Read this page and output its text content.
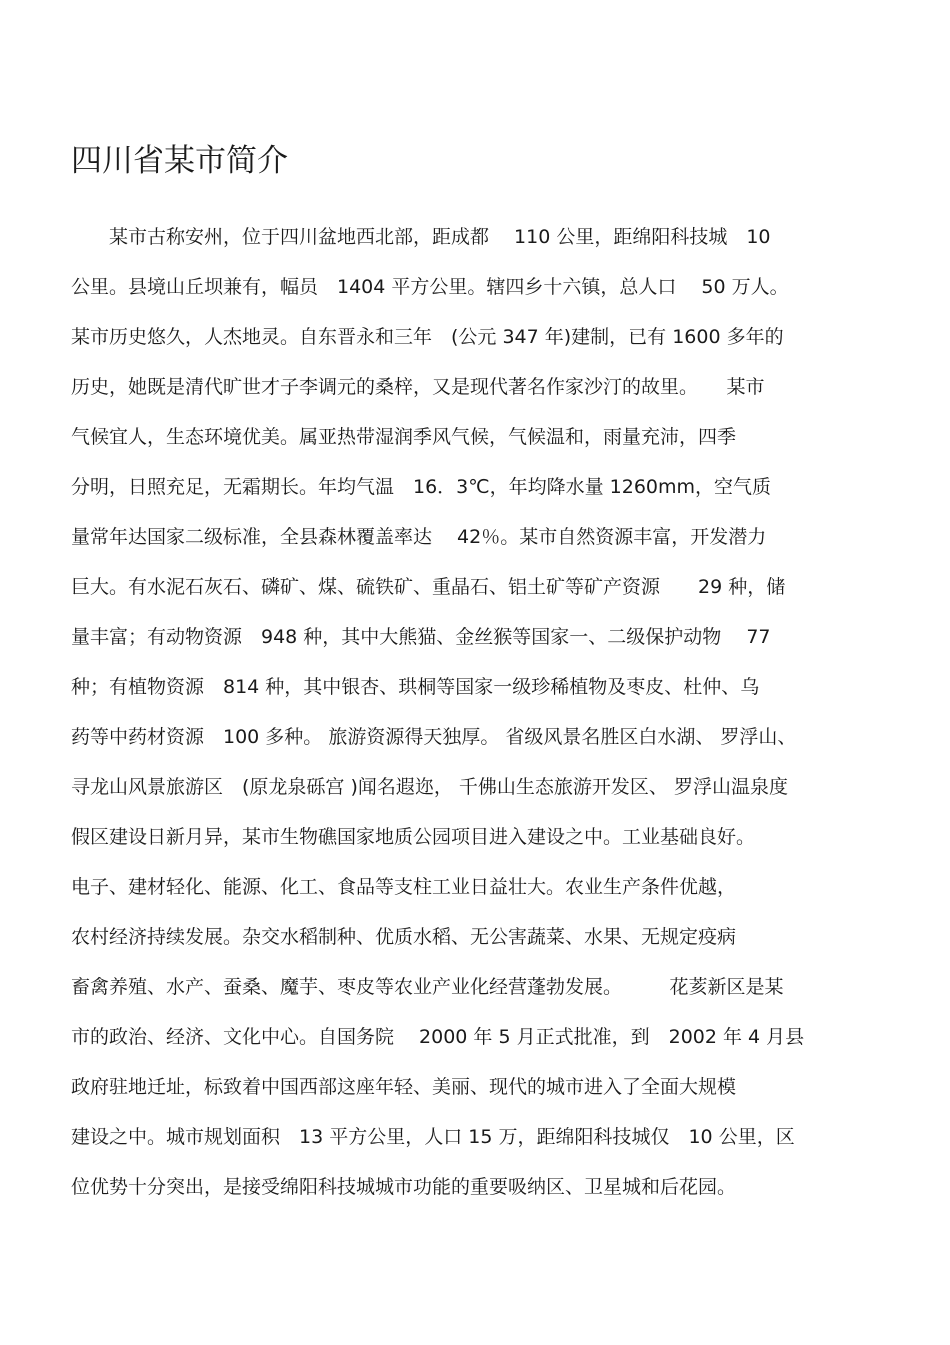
四川省某市简介
　　某市古称安州，位于四川盆地西北部，距成都　 110 公里，距绵阳科技城　10
公里。县境山丘坝兼有，幅员　1404 平方公里。辖四乡十六镇，总人口　 50 万人。
某市历史悠久，人杰地灵。自东晋永和三年　(公元 347 年)建制，已有 1600 多年的
历史，她既是清代旷世才子李调元的桑梓，又是现代著名作家沙汀的故里。　　某市
气候宜人，生态环境优美。属亚热带湿润季风气候，气候温和，雨量充沛，四季
分明，日照充足，无霜期长。年均气温　16．3℃，年均降水量 1260mm，空气质
量常年达国家二级标准，全县森林覆盖率达　 42％。某市自然资源丰富，开发潜力
巨大。有水泥石灰石、磷矿、煤、硫铁矿、重晶石、铝土矿等矿产资源　　29 种，储
量丰富；有动物资源　948 种，其中大熊猫、金丝猴等国家一、二级保护动物　 77
种；有植物资源　814 种，其中银杏、珙桐等国家一级珍稀植物及枣皮、杜仲、乌
药等中药材资源　100 多种。 旅游资源得天独厚。 省级风景名胜区白水湖、 罗浮山、
寻龙山风景旅游区　(原龙泉砾宫 )闻名遐迩， 千佛山生态旅游开发区、 罗浮山温泉度
假区建设日新月异，某市生物礁国家地质公园项目进入建设之中。工业基础良好。
电子、建材轻化、能源、化工、食品等支柱工业日益壮大。农业生产条件优越，
农村经济持续发展。杂交水稻制种、优质水稻、无公害蔬菜、水果、无规定疫病
畜禽养殖、水产、蚕桑、魔芋、枣皮等农业产业化经营蓬勃发展。　　　花荄新区是某
市的政治、经济、文化中心。自国务院　 2000 年 5 月正式批准，到　2002 年 4 月县
政府驻地迁址，标致着中国西部这座年轻、美丽、现代的城市进入了全面大规模
建设之中。城市规划面积　13 平方公里，人口 15 万，距绵阳科技城仅　10 公里，区
位优势十分突出，是接受绵阳科技城城市功能的重要吸纳区、卫星城和后花园。
